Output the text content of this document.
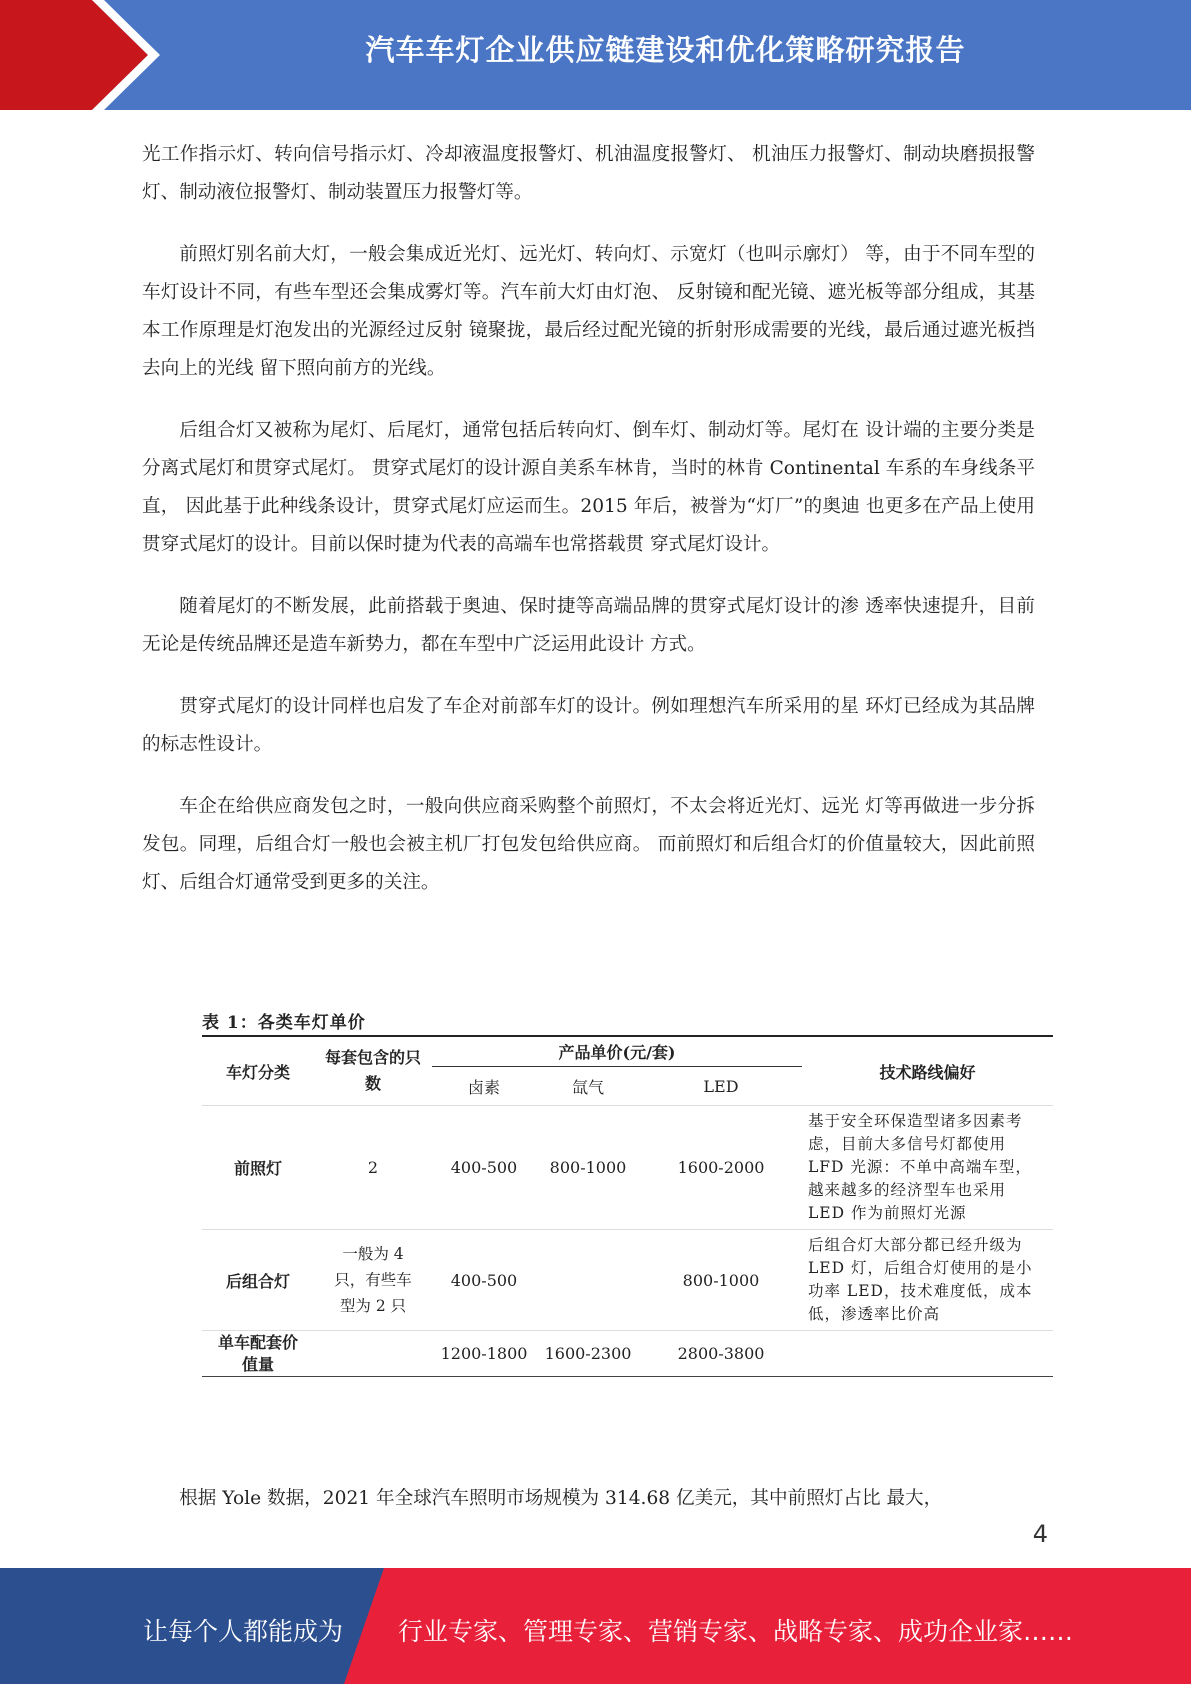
汽车车灯企业供应链建设和优化策略研究报告

光工作指示灯、转向信号指示灯、冷却液温度报警灯、机油温度报警灯、 机油压力报警灯、制动块磨损报警灯、制动液位报警灯、制动装置压力报警灯等。

前照灯别名前大灯，一般会集成近光灯、远光灯、转向灯、示宽灯（也叫示廓灯） 等，由于不同车型的车灯设计不同，有些车型还会集成雾灯等。汽车前大灯由灯泡、 反射镜和配光镜、遮光板等部分组成，其基本工作原理是灯泡发出的光源经过反射 镜聚拢，最后经过配光镜的折射形成需要的光线，最后通过遮光板挡去向上的光线 留下照向前方的光线。

后组合灯又被称为尾灯、后尾灯，通常包括后转向灯、倒车灯、制动灯等。尾灯在 设计端的主要分类是分离式尾灯和贯穿式尾灯。 贯穿式尾灯的设计源自美系车林肯，当时的林肯 Continental 车系的车身线条平直， 因此基于此种线条设计，贯穿式尾灯应运而生。2015 年后，被誉为“灯厂”的奥迪 也更多在产品上使用贯穿式尾灯的设计。目前以保时捷为代表的高端车也常搭载贯 穿式尾灯设计。

随着尾灯的不断发展，此前搭载于奥迪、保时捷等高端品牌的贯穿式尾灯设计的渗 透率快速提升，目前无论是传统品牌还是造车新势力，都在车型中广泛运用此设计 方式。

贯穿式尾灯的设计同样也启发了车企对前部车灯的设计。例如理想汽车所采用的星 环灯已经成为其品牌的标志性设计。

车企在给供应商发包之时，一般向供应商采购整个前照灯，不太会将近光灯、远光 灯等再做进一步分拆发包。同理，后组合灯一般也会被主机厂打包发包给供应商。 而前照灯和后组合灯的价值量较大，因此前照灯、后组合灯通常受到更多的关注。

表 1：各类车灯单价
车灯分类	每套包含的只数	产品单价(元/套)			技术路线偏好
		卤素	氙气	LED	
前照灯	2	400-500	800-1000	1600-2000	基于安全环保造型诸多因素考虑，目前大多信号灯都使用 LFD 光源：不单中高端车型，越来越多的经济型车也采用 LED 作为前照灯光源
后组合灯	一般为 4 只，有些车型为 2 只	400-500		800-1000	后组合灯大部分都已经升级为 LED 灯，后组合灯使用的是小功率 LED，技术难度低，成本低，渗透率比价高
单车配套价值量		1200-1800	1600-2300	2800-3800	

根据 Yole 数据，2021 年全球汽车照明市场规模为 314.68 亿美元，其中前照灯占比 最大，

4
让每个人都能成为 行业专家、管理专家、营销专家、战略专家、成功企业家……
